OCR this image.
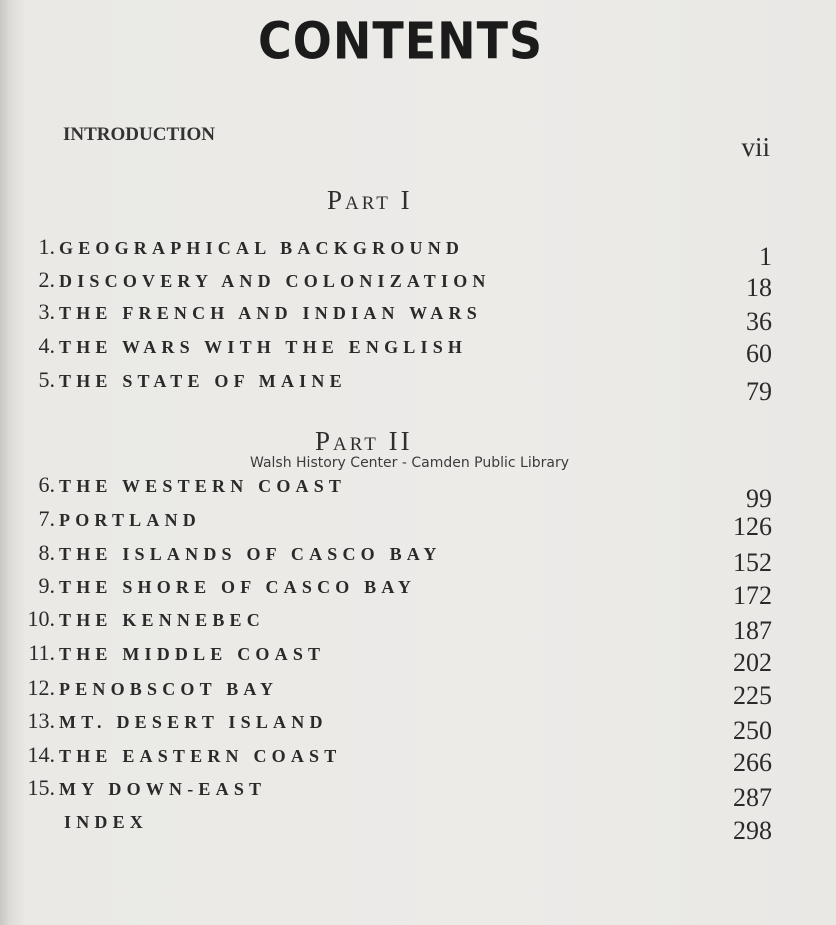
CONTENTS
INTRODUCTION	vii
Part I
1. GEOGRAPHICAL BACKGROUND	1
2. DISCOVERY AND COLONIZATION	18
3. THE FRENCH AND INDIAN WARS	36
4. THE WARS WITH THE ENGLISH	60
5. THE STATE OF MAINE	79
Part II
Walsh History Center - Camden Public Library
6. THE WESTERN COAST	99
7. PORTLAND	126
8. THE ISLANDS OF CASCO BAY	152
9. THE SHORE OF CASCO BAY	172
10. THE KENNEBEC	187
11. THE MIDDLE COAST	202
12. PENOBSCOT BAY	225
13. MT. DESERT ISLAND	250
14. THE EASTERN COAST	266
15. MY DOWN-EAST	287
INDEX	298
